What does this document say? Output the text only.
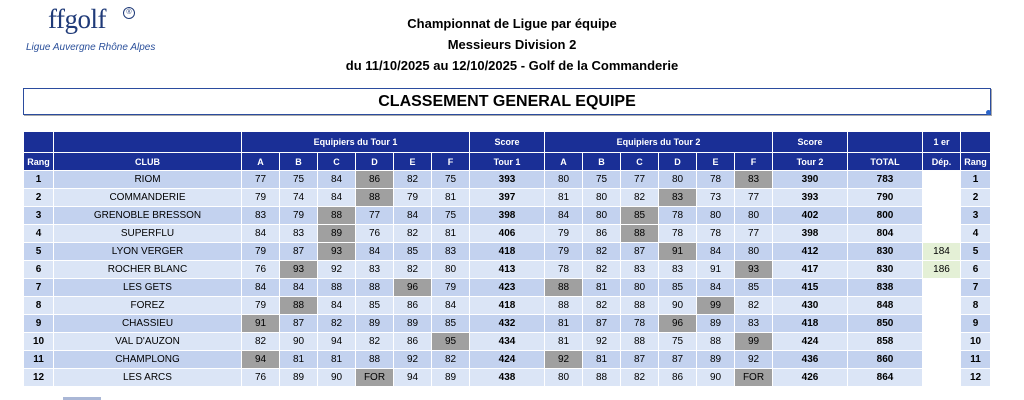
ffgolf	®
Ligue Auvergne Rhône Alpes
Championnat de Ligue par équipe
Messieurs Division 2
du 11/10/2025 au 12/10/2025 - Golf de la Commanderie
CLASSEMENT GENERAL EQUIPE
		Equipiers du Tour 1						Score	Equipiers du Tour 2						Score		1 er	
Rang	CLUB	A	B	C	D	E	F	Tour 1	A	B	C	D	E	F	Tour 2	TOTAL	Dép.	Rang
1	RIOM	77	75	84	86	82	75	393	80	75	77	80	78	83	390	783		1
2	COMMANDERIE	79	74	84	88	79	81	397	81	80	82	83	73	77	393	790		2
3	GRENOBLE BRESSON	83	79	88	77	84	75	398	84	80	85	78	80	80	402	800		3
4	SUPERFLU	84	83	89	76	82	81	406	79	86	88	78	78	77	398	804		4
5	LYON VERGER	79	87	93	84	85	83	418	79	82	87	91	84	80	412	830	184	5
6	ROCHER BLANC	76	93	92	83	82	80	413	78	82	83	83	91	93	417	830	186	6
7	LES GETS	84	84	88	88	96	79	423	88	81	80	85	84	85	415	838		7
8	FOREZ	79	88	84	85	86	84	418	88	82	88	90	99	82	430	848		8
9	CHASSIEU	91	87	82	89	89	85	432	81	87	78	96	89	83	418	850		9
10	VAL D'AUZON	82	90	94	82	86	95	434	81	92	88	75	88	99	424	858		10
11	CHAMPLONG	94	81	81	88	92	82	424	92	81	87	87	89	92	436	860		11
12	LES ARCS	76	89	90	FOR	94	89	438	80	88	82	86	90	FOR	426	864		12
